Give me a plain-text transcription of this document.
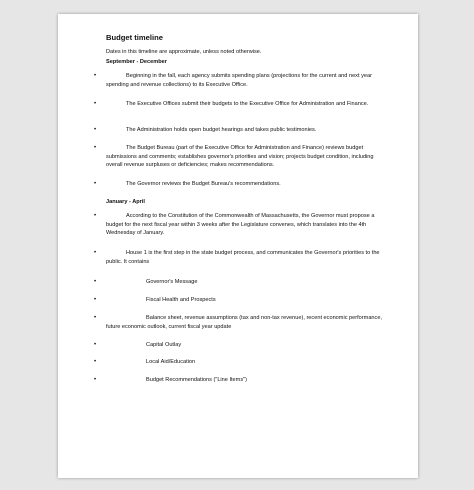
Budget timeline

Dates in this timeline are approximate, unless noted otherwise.

September - December
•	Beginning in the fall, each agency submits spending plans (projections for the current and next year spending and revenue collections) to its Executive Office.
•	The Executive Offices submit their budgets to the Executive Office for Administration and Finance.
•	The Administration holds open budget hearings and takes public testimonies.
•	The Budget Bureau (part of the Executive Office for Administration and Finance) reviews budget submissions and comments; establishes governor's priorities and vision; projects budget condition, including overall revenue surpluses or deficiencies; makes recommendations.
•	The Governor reviews the Budget Bureau's recommendations.
January - April
•	According to the Constitution of the Commonwealth of Massachusetts, the Governor must propose a budget for the next fiscal year within 3 weeks after the Legislature convenes, which translates into the 4th Wednesday of January.
•	House 1 is the first step in the state budget process, and communicates the Governor's priorities to the public. It contains
•	Governor's Message
•	Fiscal Health and Prospects
•	Balance sheet, revenue assumptions (tax and non-tax revenue), recent economic performance, future economic outlook, current fiscal year update
•	Capital Outlay
•	Local Aid/Education
•	Budget Recommendations ("Line Items")
